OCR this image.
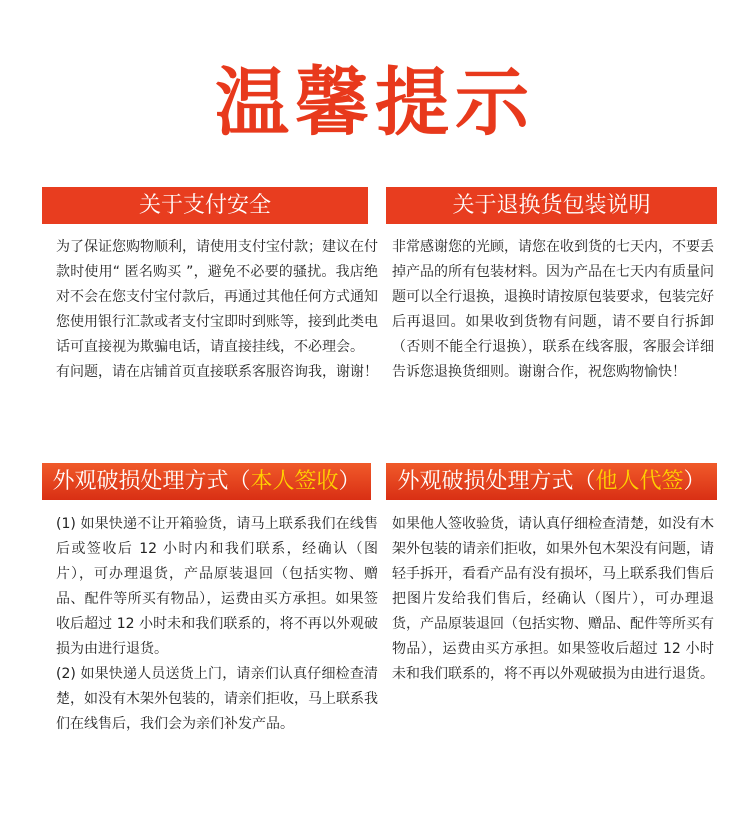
温馨提示
关于支付安全

为了保证您购物顺利，请使用支付宝付款；建议在付款时使用“ 匿名购买 ”，避免不必要的骚扰。我店绝对不会在您支付宝付款后，再通过其他任何方式通知您使用银行汇款或者支付宝即时到账等，接到此类电话可直接视为欺骗电话，请直接挂线，不必理会。

有问题，请在店铺首页直接联系客服咨询我，谢谢！

关于退换货包装说明

非常感谢您的光顾，请您在收到货的七天内，不要丢掉产品的所有包装材料。因为产品在七天内有质量问题可以全行退换，退换时请按原包装要求，包装完好后再退回。如果收到货物有问题，请不要自行拆卸（否则不能全行退换），联系在线客服，客服会详细告诉您退换货细则。谢谢合作，祝您购物愉快！

外观破损处理方式（本人签收）

(1) 如果快递不让开箱验货，请马上联系我们在线售后或签收后 12 小时内和我们联系，经确认（图片），可办理退货，产品原装退回（包括实物、赠品、配件等所买有物品），运费由买方承担。如果签收后超过 12 小时未和我们联系的，将不再以外观破损为由进行退货。

(2) 如果快递人员送货上门，请亲们认真仔细检查清楚，如没有木架外包装的，请亲们拒收，马上联系我们在线售后，我们会为亲们补发产品。

外观破损处理方式（他人代签）

如果他人签收验货，请认真仔细检查清楚，如没有木架外包装的请亲们拒收，如果外包木架没有问题，请轻手拆开，看看产品有没有损坏，马上联系我们售后把图片发给我们售后，经确认（图片），可办理退货，产品原装退回（包括实物、赠品、配件等所买有物品），运费由买方承担。如果签收后超过 12 小时未和我们联系的，将不再以外观破损为由进行退货。
